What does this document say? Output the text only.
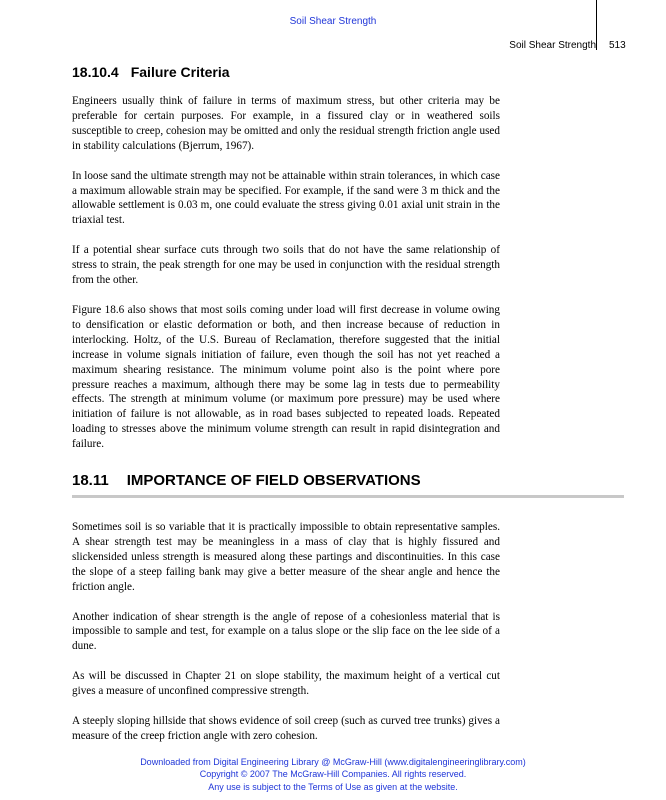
Soil Shear Strength
Soil Shear Strength 513
18.10.4 Failure Criteria

Engineers usually think of failure in terms of maximum stress, but other criteria may be preferable for certain purposes. For example, in a fissured clay or in weathered soils susceptible to creep, cohesion may be omitted and only the residual strength friction angle used in stability calculations (Bjerrum, 1967).

In loose sand the ultimate strength may not be attainable within strain tolerances, in which case a maximum allowable strain may be specified. For example, if the sand were 3 m thick and the allowable settlement is 0.03 m, one could evaluate the stress giving 0.01 axial unit strain in the triaxial test.

If a potential shear surface cuts through two soils that do not have the same relationship of stress to strain, the peak strength for one may be used in conjunction with the residual strength from the other.

Figure 18.6 also shows that most soils coming under load will first decrease in volume owing to densification or elastic deformation or both, and then increase because of reduction in interlocking. Holtz, of the U.S. Bureau of Reclamation, therefore suggested that the initial increase in volume signals initiation of failure, even though the soil has not yet reached a maximum shearing resistance. The minimum volume point also is the point where pore pressure reaches a maximum, although there may be some lag in tests due to permeability effects. The strength at minimum volume (or maximum pore pressure) may be used where initiation of failure is not allowable, as in road bases subjected to repeated loads. Repeated loading to stresses above the minimum volume strength can result in rapid disintegration and failure.

18.11 IMPORTANCE OF FIELD OBSERVATIONS

Sometimes soil is so variable that it is practically impossible to obtain representative samples. A shear strength test may be meaningless in a mass of clay that is highly fissured and slickensided unless strength is measured along these partings and discontinuities. In this case the slope of a steep failing bank may give a better measure of the shear angle and hence the friction angle.

Another indication of shear strength is the angle of repose of a cohesionless material that is impossible to sample and test, for example on a talus slope or the slip face on the lee side of a dune.

As will be discussed in Chapter 21 on slope stability, the maximum height of a vertical cut gives a measure of unconfined compressive strength.

A steeply sloping hillside that shows evidence of soil creep (such as curved tree trunks) gives a measure of the creep friction angle with zero cohesion.

Downloaded from Digital Engineering Library @ McGraw-Hill (www.digitalengineeringlibrary.com)
Copyright © 2007 The McGraw-Hill Companies. All rights reserved.
Any use is subject to the Terms of Use as given at the website.
